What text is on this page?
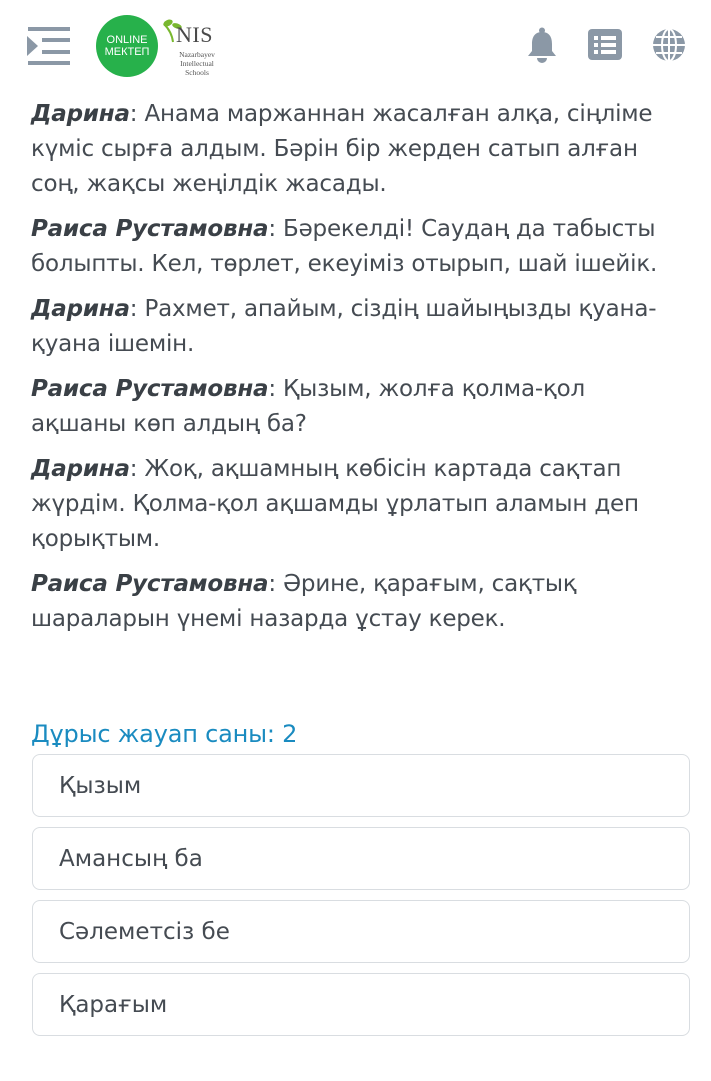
Дарина: Анама маржаннан жасалған алқа, сіңліме күміс сырға алдым. Бәрін бір жерден сатып алған соң, жақсы жеңілдік жасады.

Раиса Рустамовна: Бәрекелді! Саудаң да табысты болыпты. Кел, төрлет, екеуіміз отырып, шай ішейік.

Дарина: Рахмет, апайым, сіздің шайыңызды қуана-қуана ішемін.

Раиса Рустамовна: Қызым, жолға қолма-қол ақшаны көп алдың ба?

Дарина: Жоқ, ақшамның көбісін картада сақтап жүрдім. Қолма-қол ақшамды ұрлатып аламын деп қорықтым.

Раиса Рустамовна: Әрине, қарағым, сақтық шараларын үнемі назарда ұстау керек.

Дұрыс жауап саны: 2
Қызым
Амансың ба
Сәлеметсіз бе
Қарағым
ONLINE
МЕКТЕП
NIS
Nazarbayev Intellectual Schools
